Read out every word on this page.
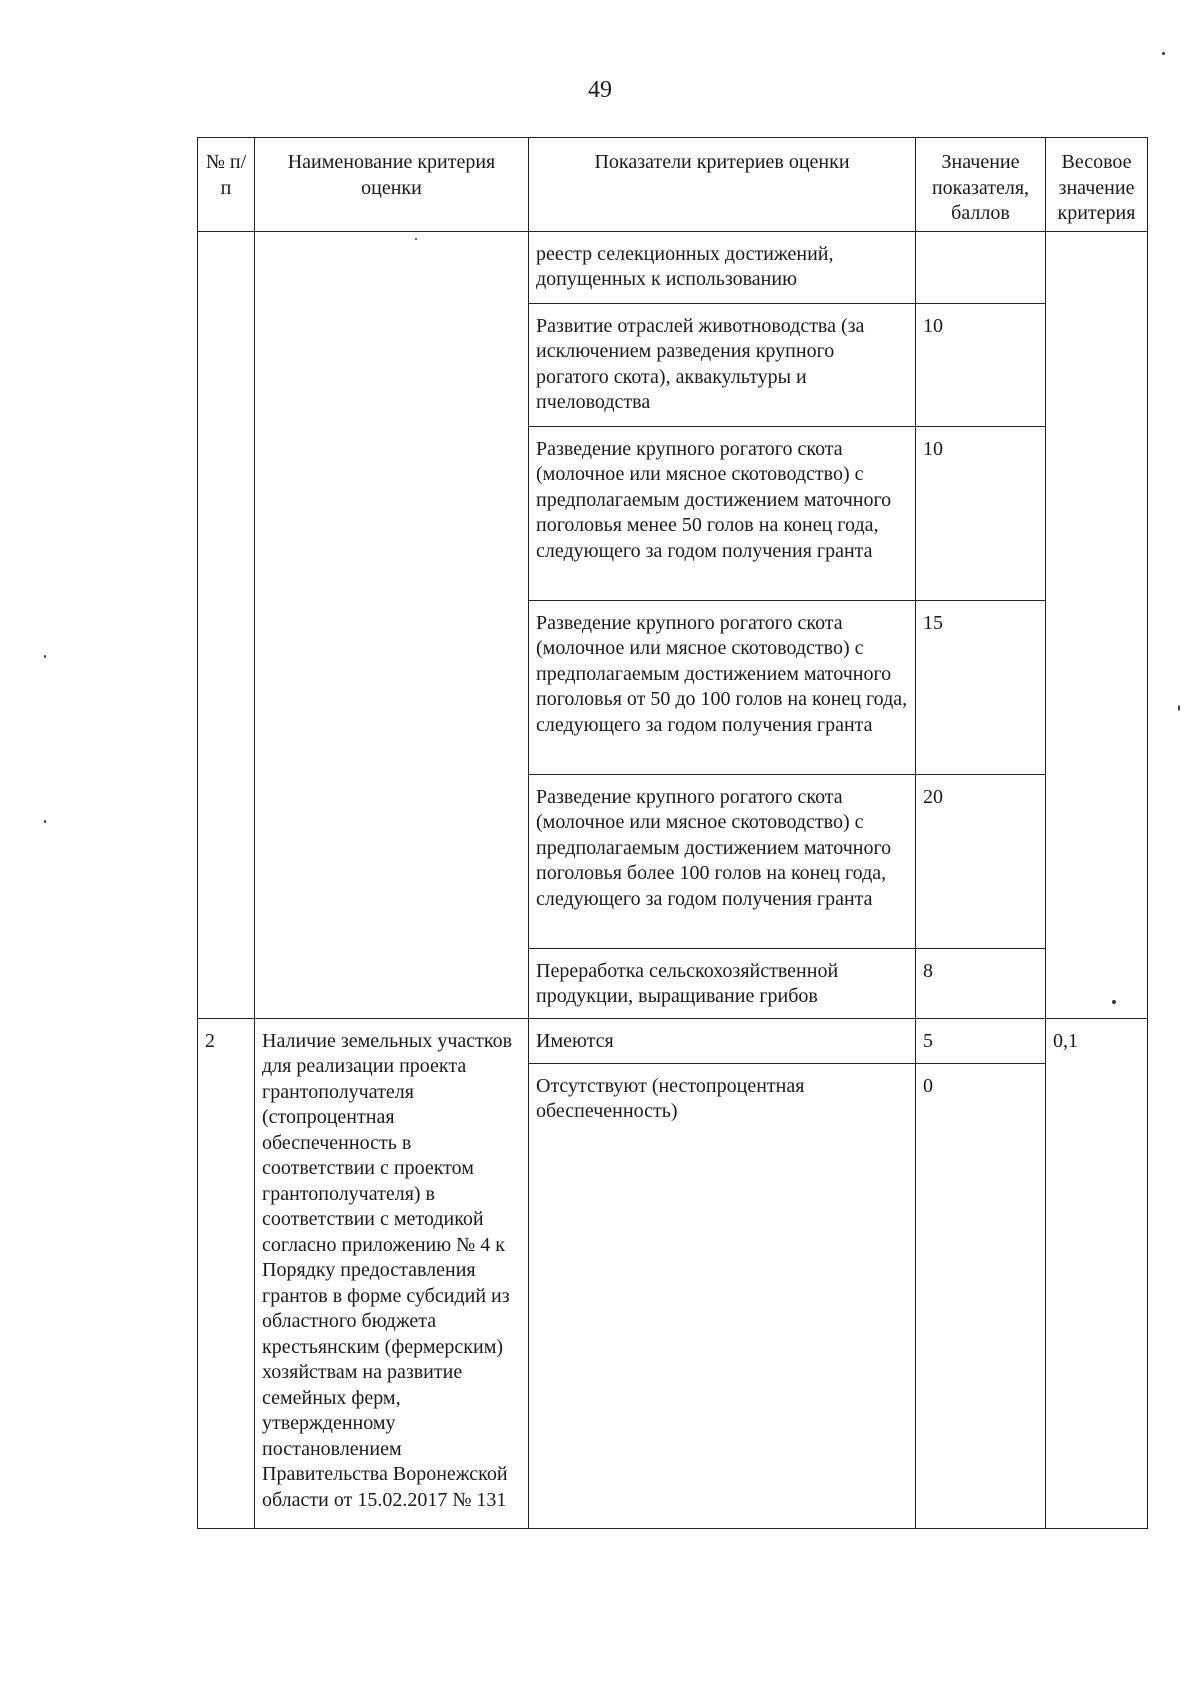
49
№ п/п	Наименование критерия оценки	Показатели критериев оценки	Значение показателя, баллов	Весовое значение критерия
		реестр селекционных достижений, допущенных к использованию		
		Развитие отраслей животноводства (за исключением разведения крупного рогатого скота), аквакультуры и пчеловодства	10	
		Разведение крупного рогатого скота (молочное или мясное скотоводство) с предполагаемым достижением маточного поголовья менее 50 голов на конец года, следующего за годом получения гранта	10	
		Разведение крупного рогатого скота (молочное или мясное скотоводство) с предполагаемым достижением маточного поголовья от 50 до 100 голов на конец года, следующего за годом получения гранта	15	
		Разведение крупного рогатого скота (молочное или мясное скотоводство) с предполагаемым достижением маточного поголовья более 100 голов на конец года, следующего за годом получения гранта	20	
		Переработка сельскохозяйственной продукции, выращивание грибов	8	
2	Наличие земельных участков для реализации проекта грантополучателя (стопроцентная обеспеченность в соответствии с проектом грантополучателя) в соответствии с методикой согласно приложению № 4 к Порядку предоставления грантов в форме субсидий из областного бюджета крестьянским (фермерским) хозяйствам на развитие семейных ферм, утвержденному постановлением Правительства Воронежской области от 15.02.2017 № 131	Имеются	5	0,1
		Отсутствуют (нестопроцентная обеспеченность)	0	
